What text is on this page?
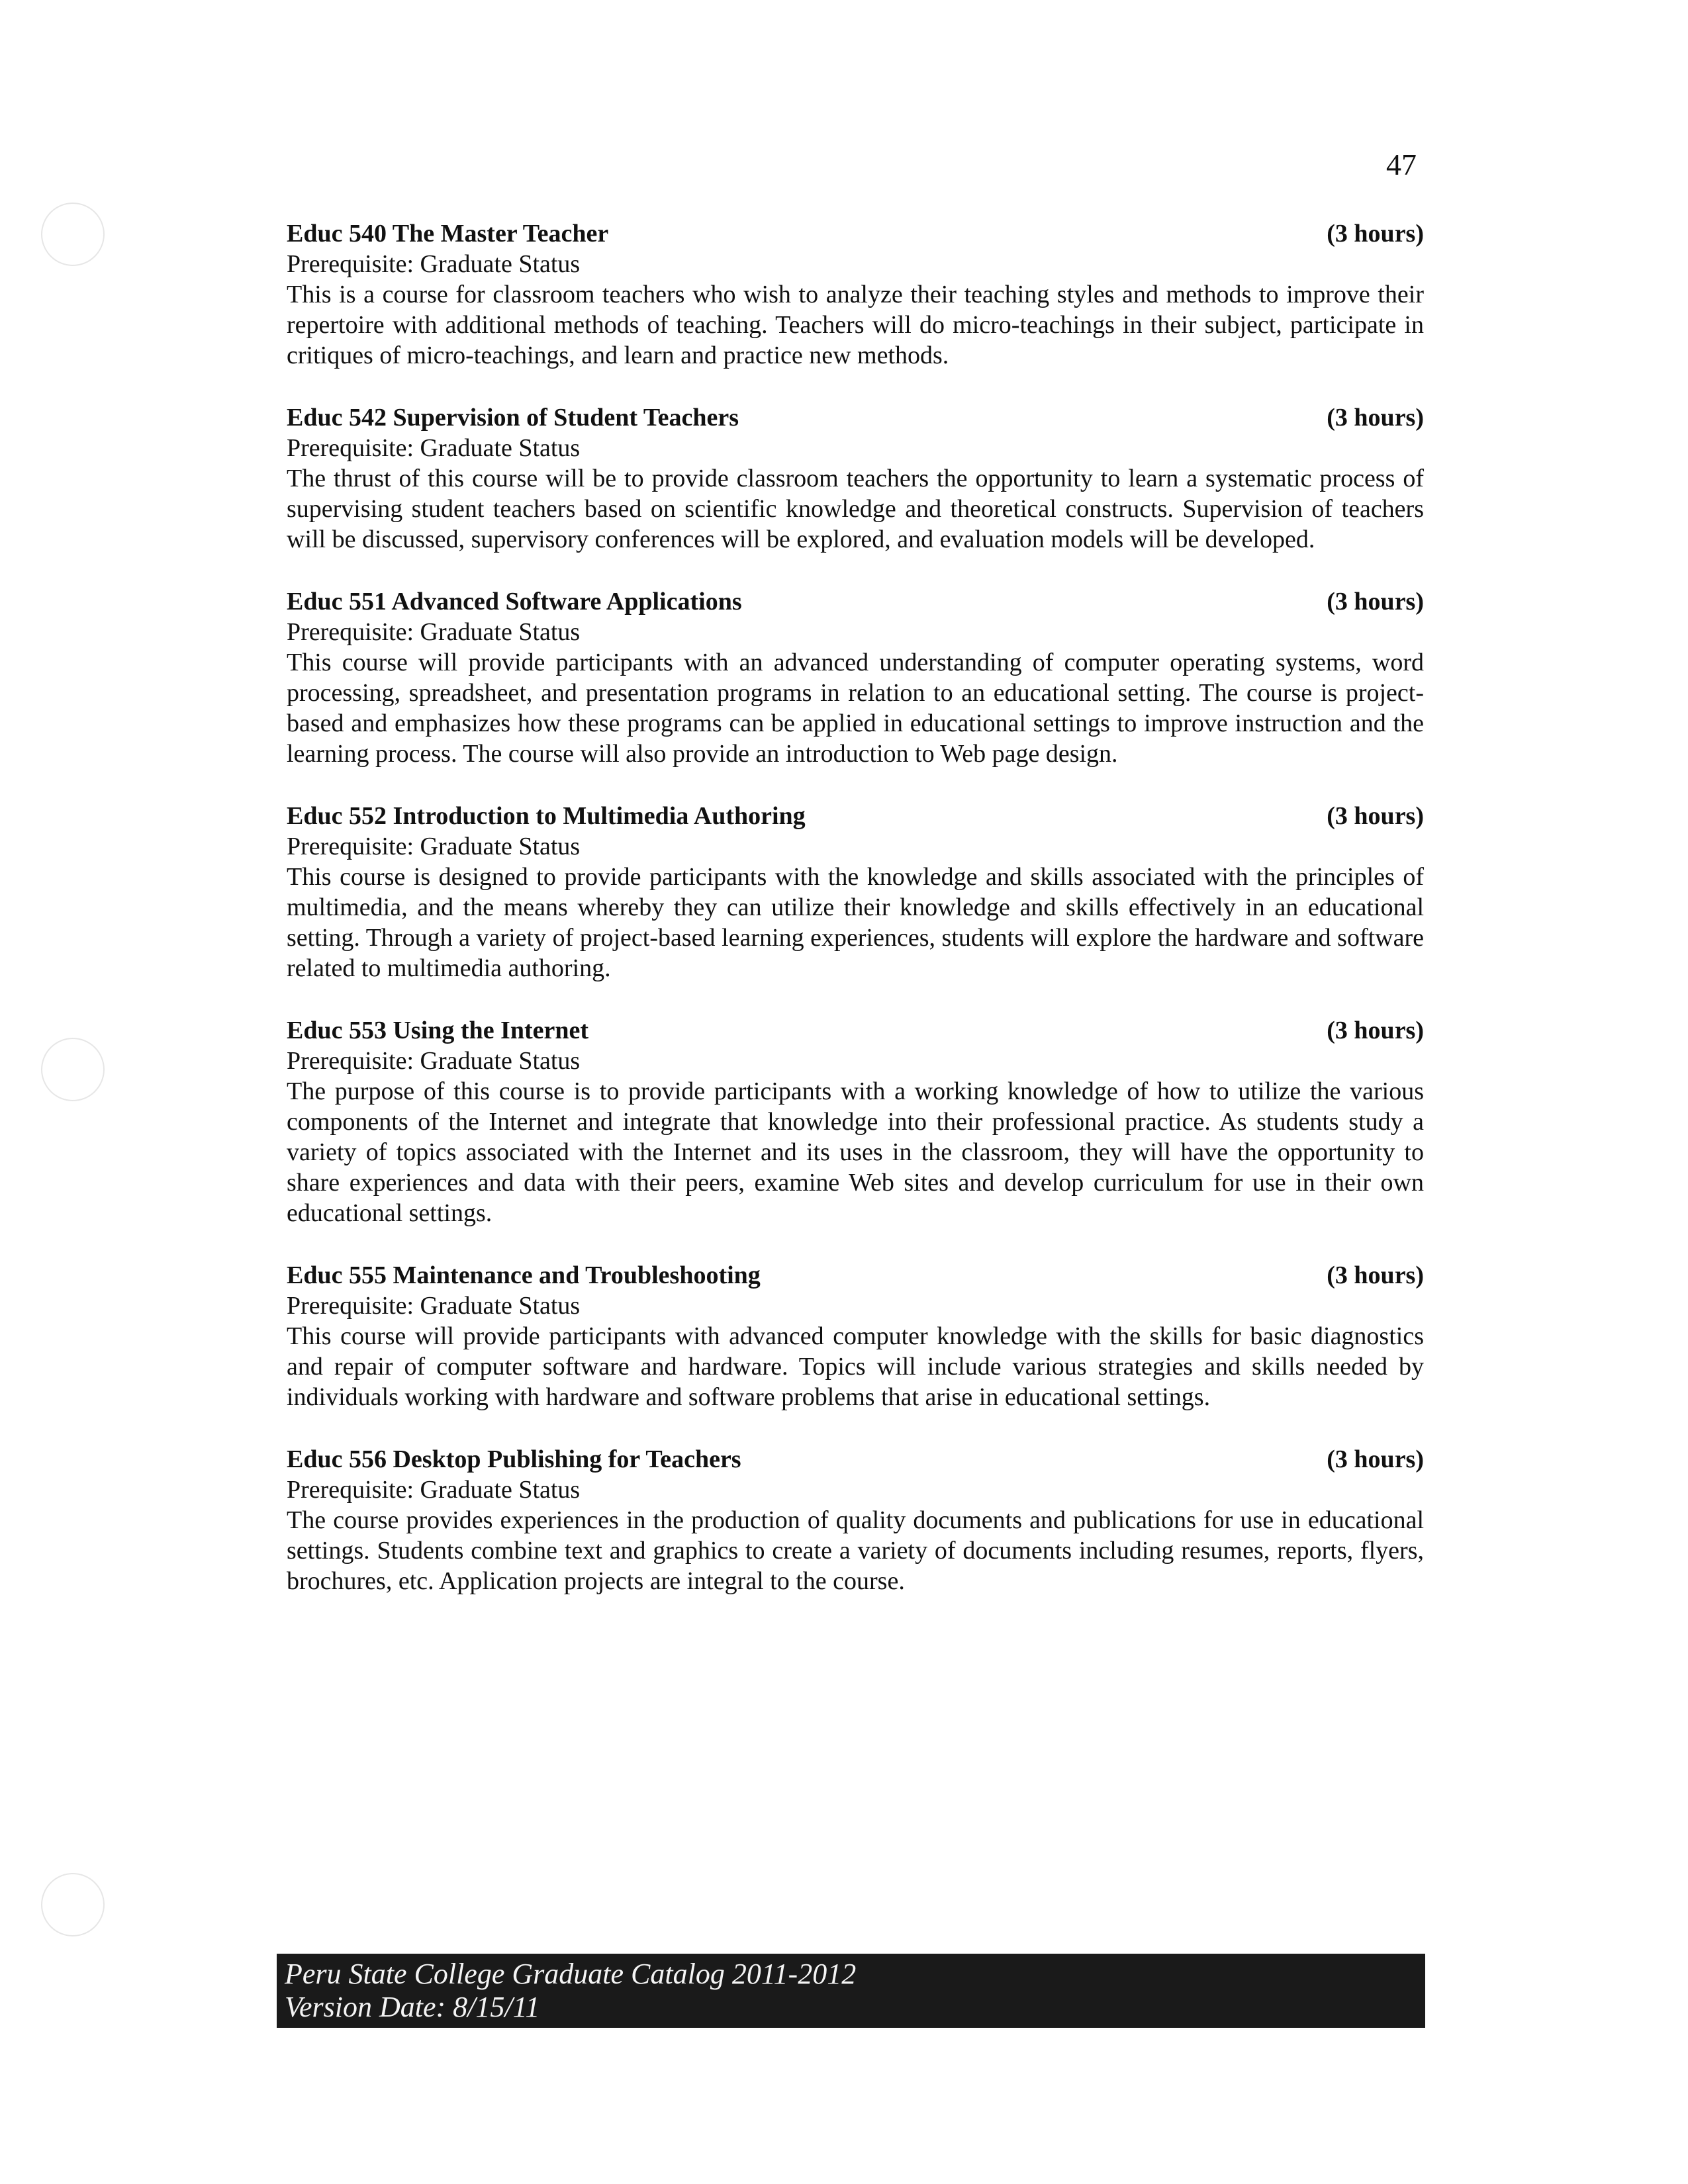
47
Educ 540 The Master Teacher	(3 hours)
Prerequisite: Graduate Status
This is a course for classroom teachers who wish to analyze their teaching styles and methods to improve their repertoire with additional methods of teaching. Teachers will do micro-teachings in their subject, participate in critiques of micro-teachings, and learn and practice new methods.
Educ 542 Supervision of Student Teachers	(3 hours)
Prerequisite: Graduate Status
The thrust of this course will be to provide classroom teachers the opportunity to learn a systematic process of supervising student teachers based on scientific knowledge and theoretical constructs. Supervision of teachers will be discussed, supervisory conferences will be explored, and evaluation models will be developed.
Educ 551 Advanced Software Applications	(3 hours)
Prerequisite: Graduate Status
This course will provide participants with an advanced understanding of computer operating systems, word processing, spreadsheet, and presentation programs in relation to an educational setting. The course is project-based and emphasizes how these programs can be applied in educational settings to improve instruction and the learning process. The course will also provide an introduction to Web page design.
Educ 552 Introduction to Multimedia Authoring	(3 hours)
Prerequisite: Graduate Status
This course is designed to provide participants with the knowledge and skills associated with the principles of multimedia, and the means whereby they can utilize their knowledge and skills effectively in an educational setting. Through a variety of project-based learning experiences, students will explore the hardware and software related to multimedia authoring.
Educ 553 Using the Internet	(3 hours)
Prerequisite: Graduate Status
The purpose of this course is to provide participants with a working knowledge of how to utilize the various components of the Internet and integrate that knowledge into their professional practice. As students study a variety of topics associated with the Internet and its uses in the classroom, they will have the opportunity to share experiences and data with their peers, examine Web sites and develop curriculum for use in their own educational settings.
Educ 555 Maintenance and Troubleshooting	(3 hours)
Prerequisite: Graduate Status
This course will provide participants with advanced computer knowledge with the skills for basic diagnostics and repair of computer software and hardware. Topics will include various strategies and skills needed by individuals working with hardware and software problems that arise in educational settings.
Educ 556 Desktop Publishing for Teachers	(3 hours)
Prerequisite: Graduate Status
The course provides experiences in the production of quality documents and publications for use in educational settings. Students combine text and graphics to create a variety of documents including resumes, reports, flyers, brochures, etc. Application projects are integral to the course.
Peru State College Graduate Catalog 2011-2012
Version Date: 8/15/11
